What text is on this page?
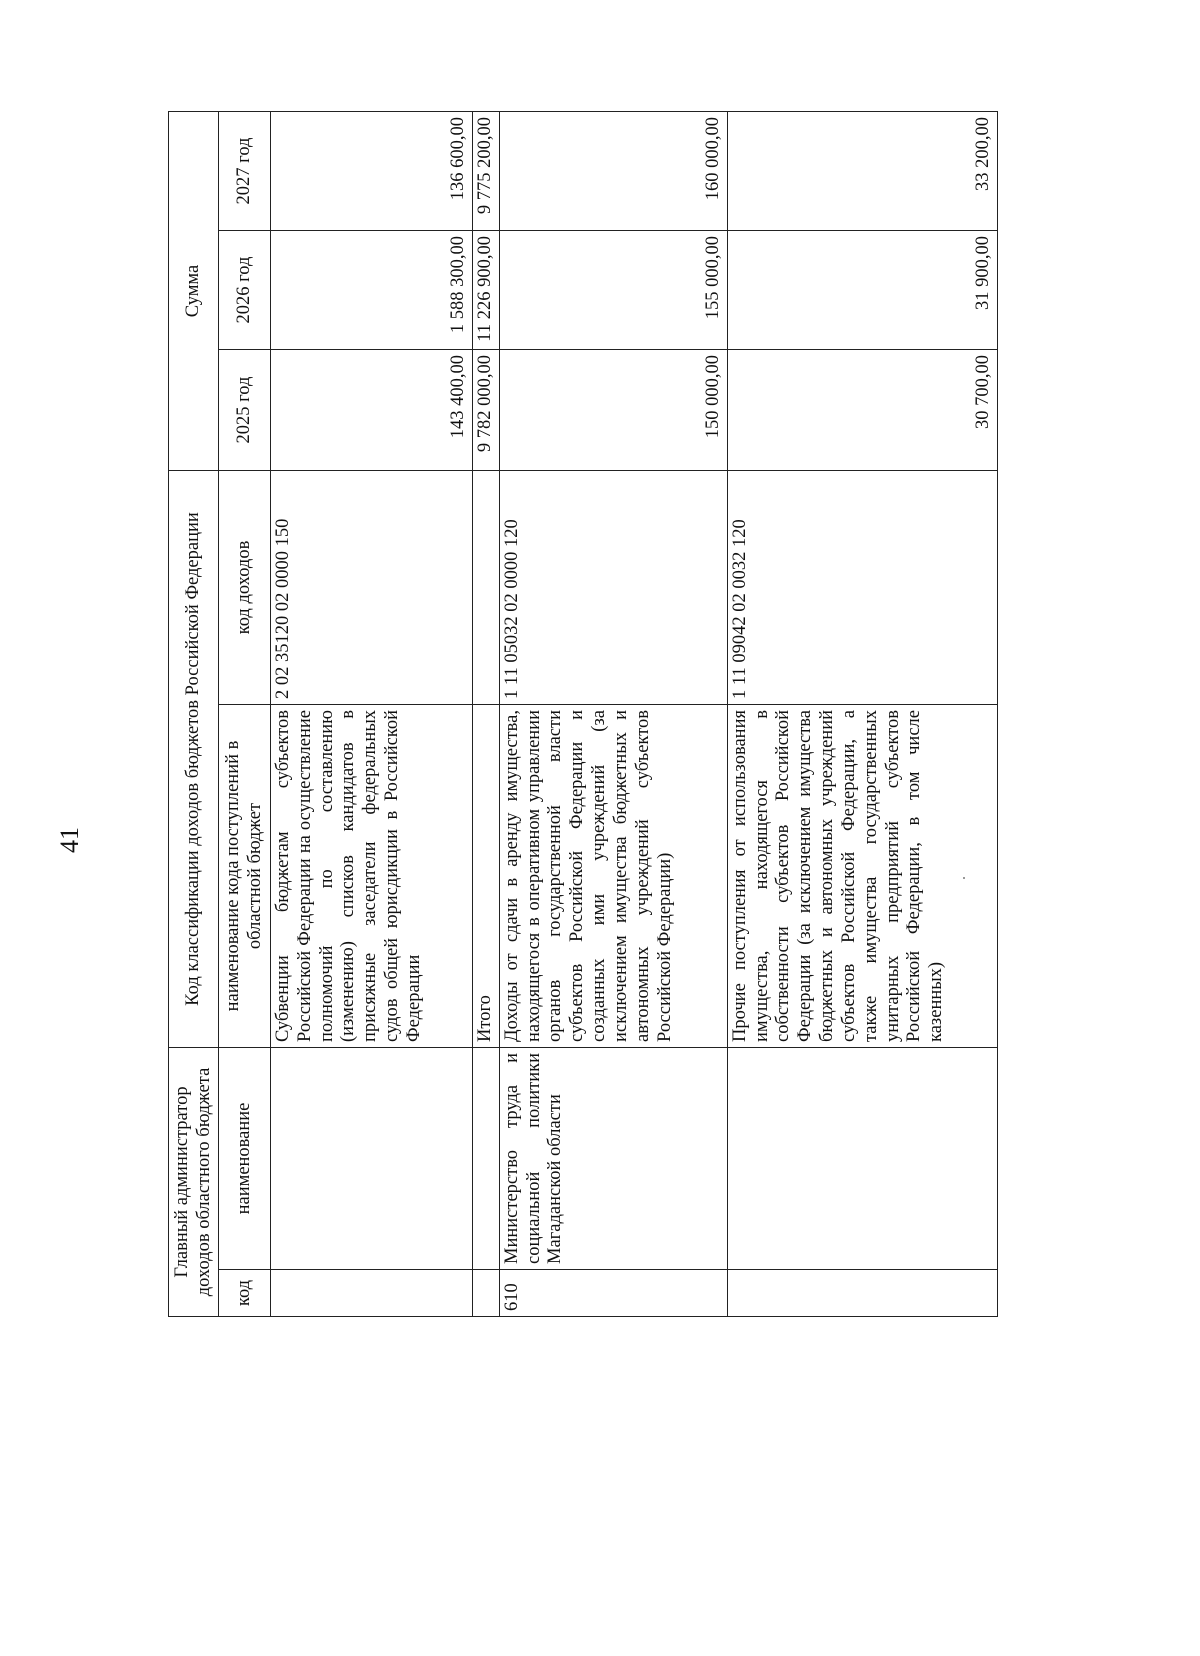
41
Главный администратор доходов областного бюджета		Код классификации доходов бюджетов Российской Федерации		Сумма		
код	наименование	наименование кода поступлений в областной бюджет	код доходов	2025 год	2026 год	2027 год
		Субвенции бюджетам субъектов Российской Федерации на осуществление полномочий по составлению (изменению) списков кандидатов в присяжные заседатели федеральных судов общей юрисдикции в Российской Федерации	2 02 35120 02 0000 150	143 400,00	1 588 300,00	136 600,00
		Итого		9 782 000,00	11 226 900,00	9 775 200,00
610	Министерство труда и социальной политики Магаданской области	Доходы от сдачи в аренду имущества, находящегося в оперативном управлении органов государственной власти субъектов Российской Федерации и созданных ими учреждений (за исключением имущества бюджетных и автономных учреждений субъектов Российской Федерации)	1 11 05032 02 0000 120	150 000,00	155 000,00	160 000,00
		Прочие поступления от использования имущества, находящегося в собственности субъектов Российской Федерации (за исключением имущества бюджетных и автономных учреждений субъектов Российской Федерации, а также имущества государственных унитарных предприятий субъектов Российской Федерации, в том числе казенных)	1 11 09042 02 0032 120	30 700,00	31 900,00	33 200,00
